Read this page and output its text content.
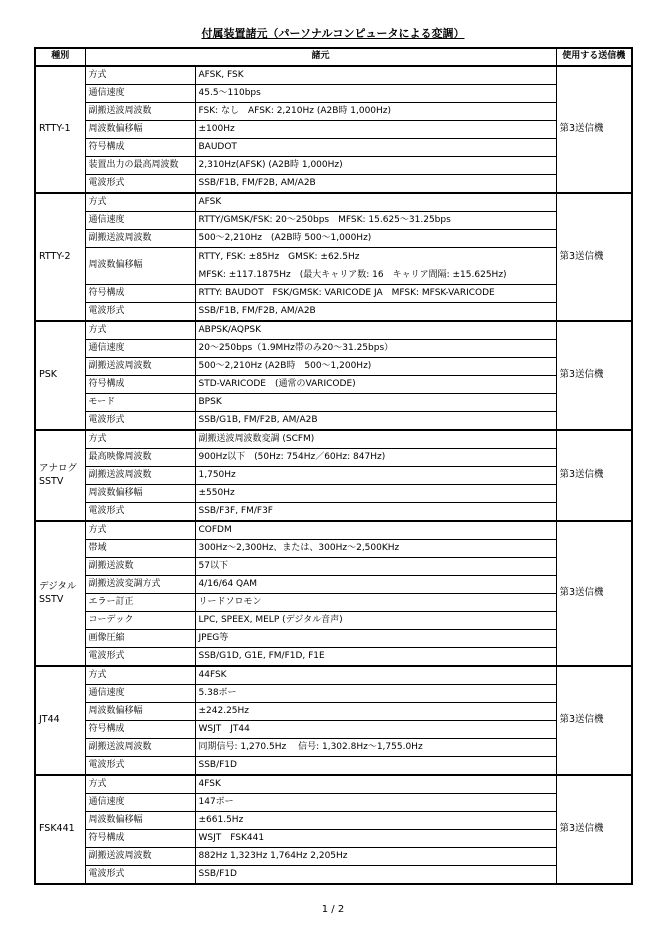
付属装置諸元（パーソナルコンピュータによる変調）
種別	諸元		使用する送信機
RTTY-1	方式	AFSK, FSK	第3送信機
	通信速度	45.5～110bps	
	副搬送波周波数	FSK: なし　AFSK: 2,210Hz (A2B時 1,000Hz)	
	周波数偏移幅	±100Hz	
	符号構成	BAUDOT	
	装置出力の最高周波数	2,310Hz(AFSK) (A2B時 1,000Hz)	
	電波形式	SSB/F1B, FM/F2B, AM/A2B	
RTTY-2	方式	AFSK	第3送信機
	通信速度	RTTY/GMSK/FSK: 20～250bps　MFSK: 15.625～31.25bps	
	副搬送波周波数	500～2,210Hz　(A2B時 500～1,000Hz)	
	周波数偏移幅	RTTY, FSK: ±85Hz　GMSK: ±62.5Hz
MFSK: ±117.1875Hz　(最大キャリア数: 16　キャリア間隔: ±15.625Hz)	

	符号構成	RTTY: BAUDOT　FSK/GMSK: VARICODE JA　MFSK: MFSK-VARICODE	
	電波形式	SSB/F1B, FM/F2B, AM/A2B	
PSK	方式	ABPSK/AQPSK	第3送信機
	通信速度	20～250bps（1.9MHz帯のみ20～31.25bps）	
	副搬送波周波数	500～2,210Hz (A2B時　500～1,200Hz)	
	符号構成	STD-VARICODE　(通常のVARICODE)	
	モード	BPSK	
	電波形式	SSB/G1B, FM/F2B, AM/A2B	
アナログ SSTV	方式	副搬送波周波数変調 (SCFM)	第3送信機
	最高映像周波数	900Hz以下　(50Hz: 754Hz／60Hz: 847Hz)	
	副搬送波周波数	1,750Hz	
	周波数偏移幅	±550Hz	
	電波形式	SSB/F3F, FM/F3F	
デジタル SSTV	方式	COFDM	第3送信機
	帯域	300Hz～2,300Hz、または、300Hz～2,500KHz	
	副搬送波数	57以下	
	副搬送波変調方式	4/16/64 QAM	
	エラー訂正	リードソロモン	
	コーデック	LPC, SPEEX, MELP (デジタル音声)	
	画像圧縮	JPEG等	
	電波形式	SSB/G1D, G1E, FM/F1D, F1E	
JT44	方式	44FSK	第3送信機
	通信速度	5.38ボー	
	周波数偏移幅	±242.25Hz	
	符号構成	WSJT　JT44	
	副搬送波周波数	同期信号: 1,270.5Hz　 信号: 1,302.8Hz～1,755.0Hz	
	電波形式	SSB/F1D	
FSK441	方式	4FSK	第3送信機
	通信速度	147ボー	
	周波数偏移幅	±661.5Hz	
	符号構成	WSJT　FSK441	
	副搬送波周波数	882Hz 1,323Hz 1,764Hz 2,205Hz	
	電波形式	SSB/F1D	
1 / 2
